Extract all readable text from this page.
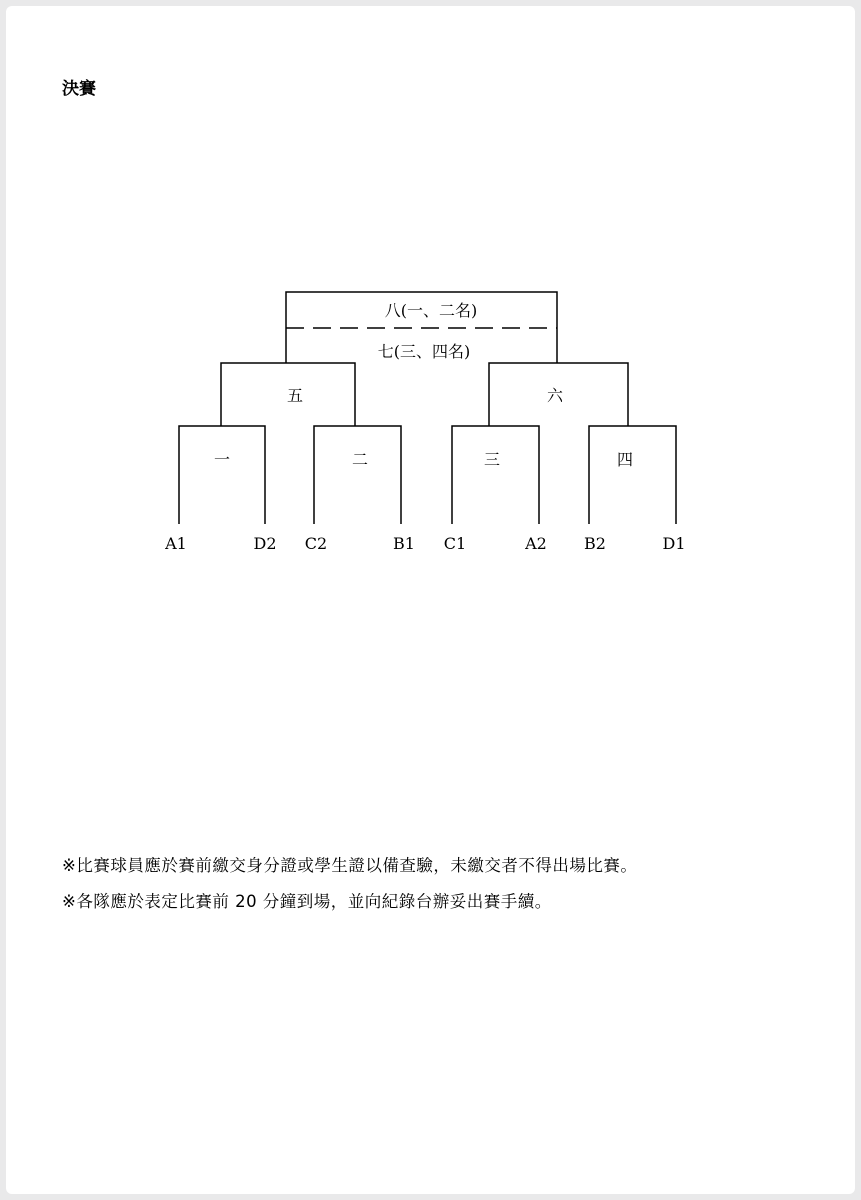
決賽
八(一、二名)
七(三、四名)
五	六
一	二	三	四
A1	D2 C2	B1 C1	A2 B2	D1
※比賽球員應於賽前繳交身分證或學生證以備查驗，未繳交者不得出場比賽。
※各隊應於表定比賽前 20 分鐘到場，並向紀錄台辦妥出賽手續。
